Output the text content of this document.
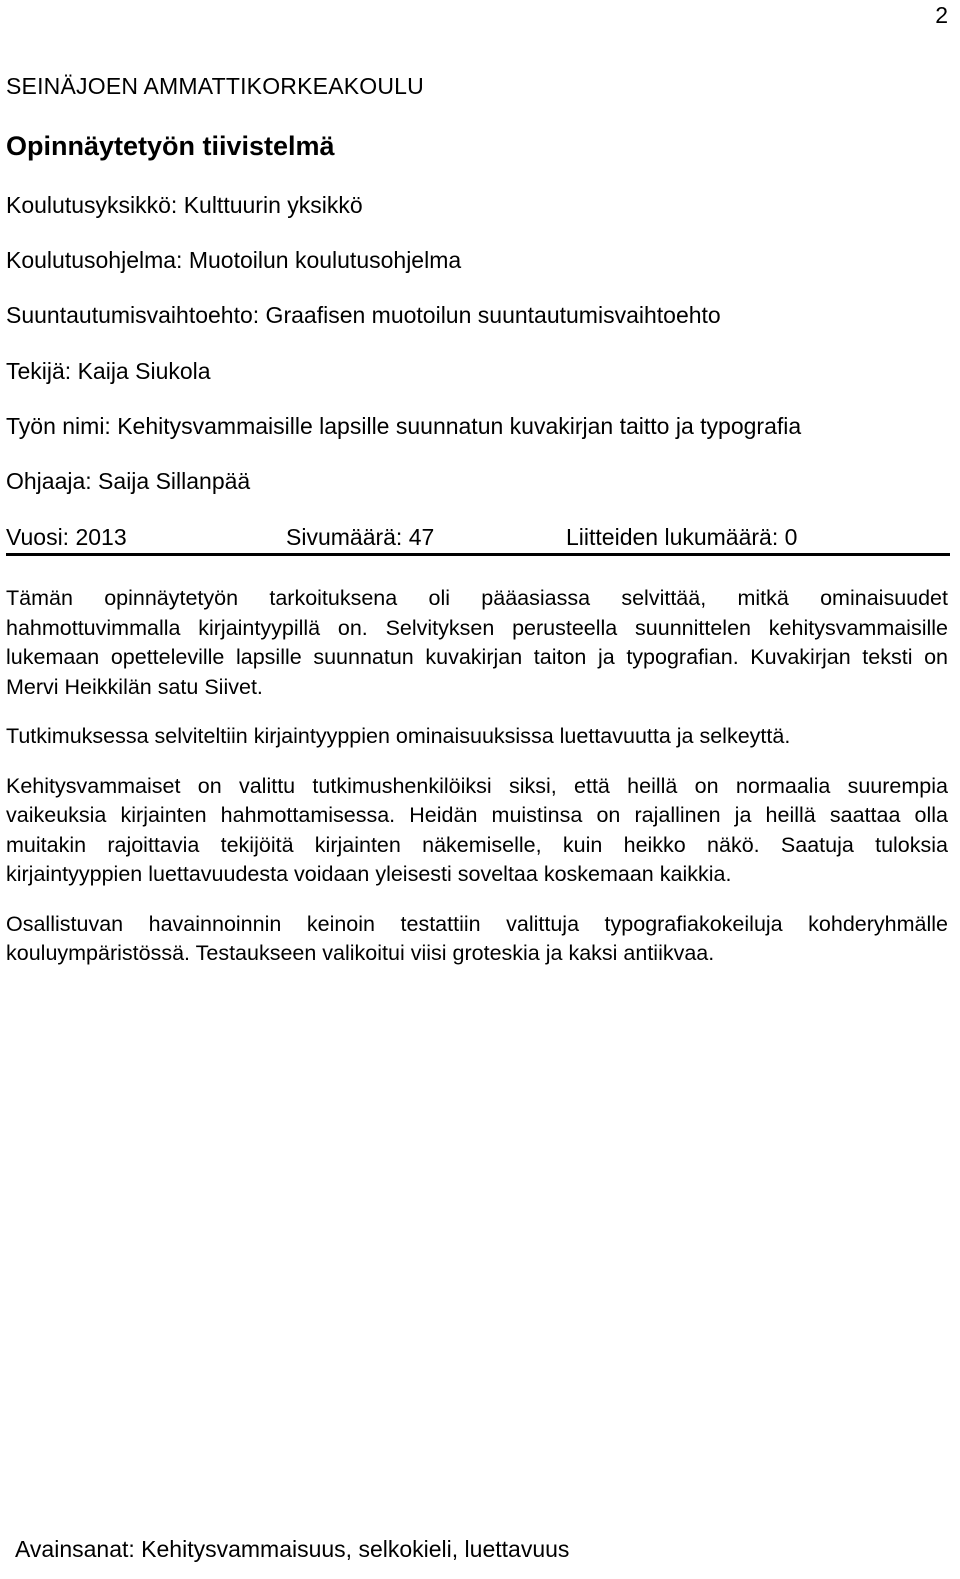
2
SEINÄJOEN AMMATTIKORKEAKOULU
Opinnäytetyön tiivistelmä
Koulutusyksikkö: Kulttuurin yksikkö
Koulutusohjelma: Muotoilun koulutusohjelma
Suuntautumisvaihtoehto: Graafisen muotoilun suuntautumisvaihtoehto
Tekijä: Kaija Siukola
Työn nimi: Kehitysvammaisille lapsille suunnatun kuvakirjan taitto ja typografia
Ohjaaja: Saija Sillanpää
Vuosi: 2013	Sivumäärä: 47	Liitteiden lukumäärä: 0

Tämän opinnäytetyön tarkoituksena oli pääasiassa selvittää, mitkä ominaisuudet hahmottuvimmalla kirjaintyypillä on. Selvityksen perusteella suunnittelen kehitysvammaisille lukemaan opetteleville lapsille suunnatun kuvakirjan taiton ja typografian. Kuvakirjan teksti on Mervi Heikkilän satu Siivet.

Tutkimuksessa selviteltiin kirjaintyyppien ominaisuuksissa luettavuutta ja selkeyttä.

Kehitysvammaiset on valittu tutkimushenkilöiksi siksi, että heillä on normaalia suurempia vaikeuksia kirjainten hahmottamisessa. Heidän muistinsa on rajallinen ja heillä saattaa olla muitakin rajoittavia tekijöitä kirjainten näkemiselle, kuin heikko näkö. Saatuja tuloksia kirjaintyyppien luettavuudesta voidaan yleisesti soveltaa koskemaan kaikkia.

Osallistuvan havainnoinnin keinoin testattiin valittuja typografiakokeiluja kohderyhmälle kouluympäristössä. Testaukseen valikoitui viisi groteskia ja kaksi antiikvaa.

Avainsanat: Kehitysvammaisuus, selkokieli, luettavuus
